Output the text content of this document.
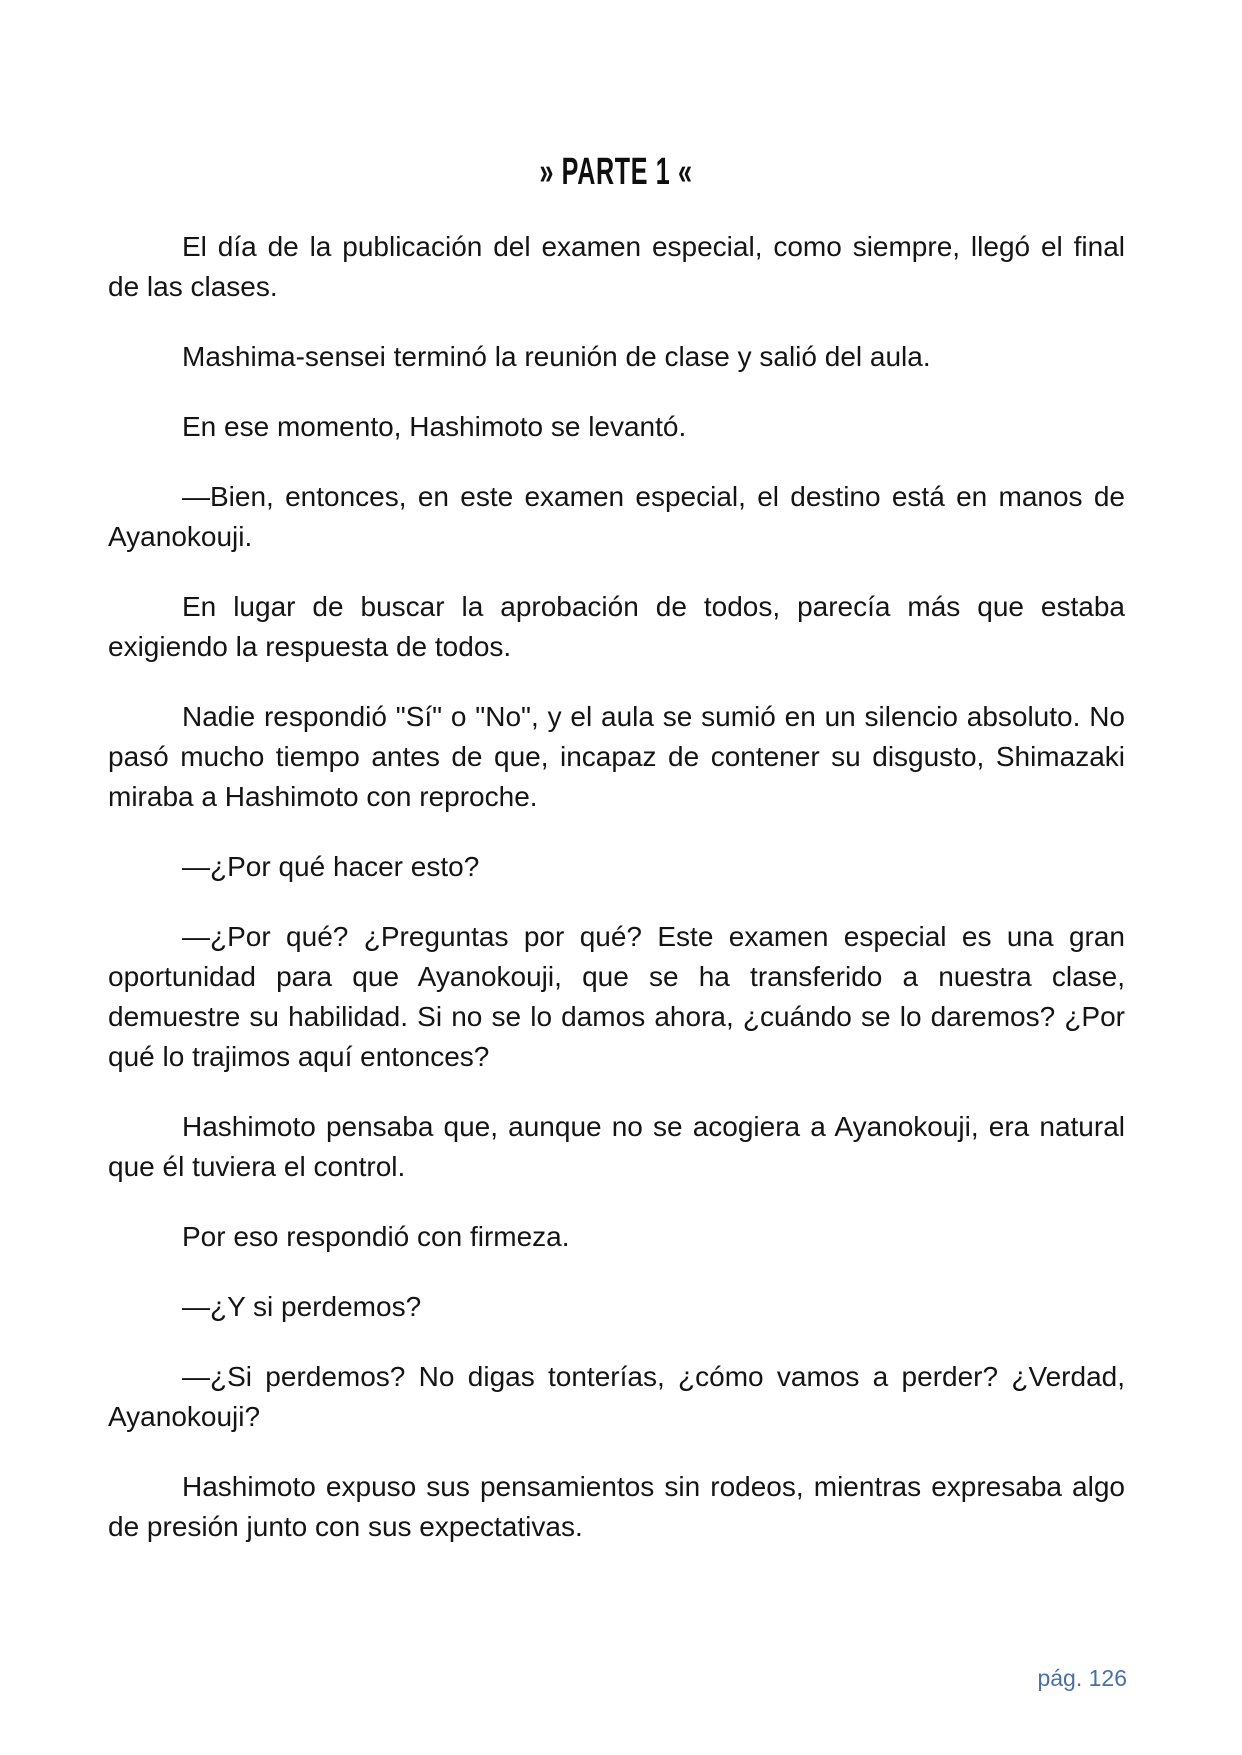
» PARTE 1 «

El día de la publicación del examen especial, como siempre, llegó el final de las clases.

Mashima-sensei terminó la reunión de clase y salió del aula.

En ese momento, Hashimoto se levantó.

—Bien, entonces, en este examen especial, el destino está en manos de Ayanokouji.

En lugar de buscar la aprobación de todos, parecía más que estaba exigiendo la respuesta de todos.

Nadie respondió "Sí" o "No", y el aula se sumió en un silencio absoluto. No pasó mucho tiempo antes de que, incapaz de contener su disgusto, Shimazaki miraba a Hashimoto con reproche.

—¿Por qué hacer esto?

—¿Por qué? ¿Preguntas por qué? Este examen especial es una gran oportunidad para que Ayanokouji, que se ha transferido a nuestra clase, demuestre su habilidad. Si no se lo damos ahora, ¿cuándo se lo daremos? ¿Por qué lo trajimos aquí entonces?

Hashimoto pensaba que, aunque no se acogiera a Ayanokouji, era natural que él tuviera el control.

Por eso respondió con firmeza.

—¿Y si perdemos?

—¿Si perdemos? No digas tonterías, ¿cómo vamos a perder? ¿Verdad, Ayanokouji?

Hashimoto expuso sus pensamientos sin rodeos, mientras expresaba algo de presión junto con sus expectativas.

pág. 126
